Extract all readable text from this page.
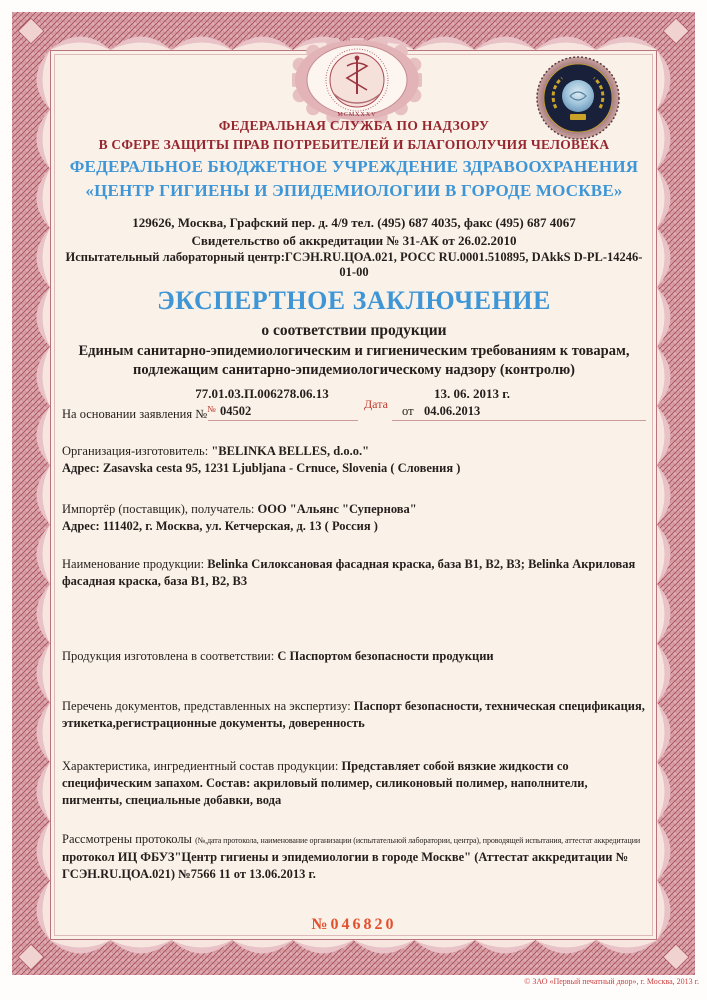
MCMXXXV
ФЕДЕРАЛЬНАЯ СЛУЖБА ПО НАДЗОРУ
В СФЕРЕ ЗАЩИТЫ ПРАВ ПОТРЕБИТЕЛЕЙ И БЛАГОПОЛУЧИЯ ЧЕЛОВЕКА
ФЕДЕРАЛЬНОЕ БЮДЖЕТНОЕ УЧРЕЖДЕНИЕ ЗДРАВООХРАНЕНИЯ
«ЦЕНТР ГИГИЕНЫ И ЭПИДЕМИОЛОГИИ В ГОРОДЕ МОСКВЕ»
129626, Москва, Графский пер. д. 4/9 тел. (495) 687 4035, факс (495) 687 4067
Свидетельство об аккредитации № 31-АК от 26.02.2010
Испытательный лабораторный центр:ГСЭН.RU.ЦОА.021, РОСС RU.0001.510895, DAkkS D-PL-14246-01-00
ЭКСПЕРТНОЕ ЗАКЛЮЧЕНИЕ
о соответствии продукции
Единым санитарно-эпидемиологическим и гигиеническим требованиям к товарам,
подлежащим санитарно-эпидемиологическому надзору (контролю)
77.01.03.П.006278.06.13	13. 06. 2013 г.
На основании заявления №№ 04502	Дата от 04.06.2013
Организация-изготовитель: "BELINKA BELLES, d.o.o."
Адрес: Zasavska cesta 95, 1231 Ljubljana - Crnuce, Slovenia ( Словения )
Импортёр (поставщик), получатель: ООО "Альянс "Супернова"
Адрес: 111402, г. Москва, ул. Кетчерская, д. 13 ( Россия )
Наименование продукции: Belinka Силоксановая фасадная краска, база В1, В2, В3; Belinka Акриловая фасадная краска, база В1, В2, В3
Продукция изготовлена в соответствии: С Паспортом безопасности продукции
Перечень документов, представленных на экспертизу: Паспорт безопасности, техническая спецификация, этикетка,регистрационные документы, доверенность
Характеристика, ингредиентный состав продукции: Представляет собой вязкие жидкости со специфическим запахом. Состав: акриловый полимер, силиконовый полимер, наполнители, пигменты, специальные добавки, вода
Рассмотрены протоколы (№,дата протокола, наименование организации (испытательной лаборатории, центра), проводящей испытания, аттестат аккредитации
протокол ИЦ ФБУЗ"Центр гигиены и эпидемиологии в городе Москве" (Аттестат аккредитации № ГСЭН.RU.ЦОА.021) №7566 11 от 13.06.2013 г.
№046820
© ЗАО «Первый печатный двор», г. Москва, 2013 г.
